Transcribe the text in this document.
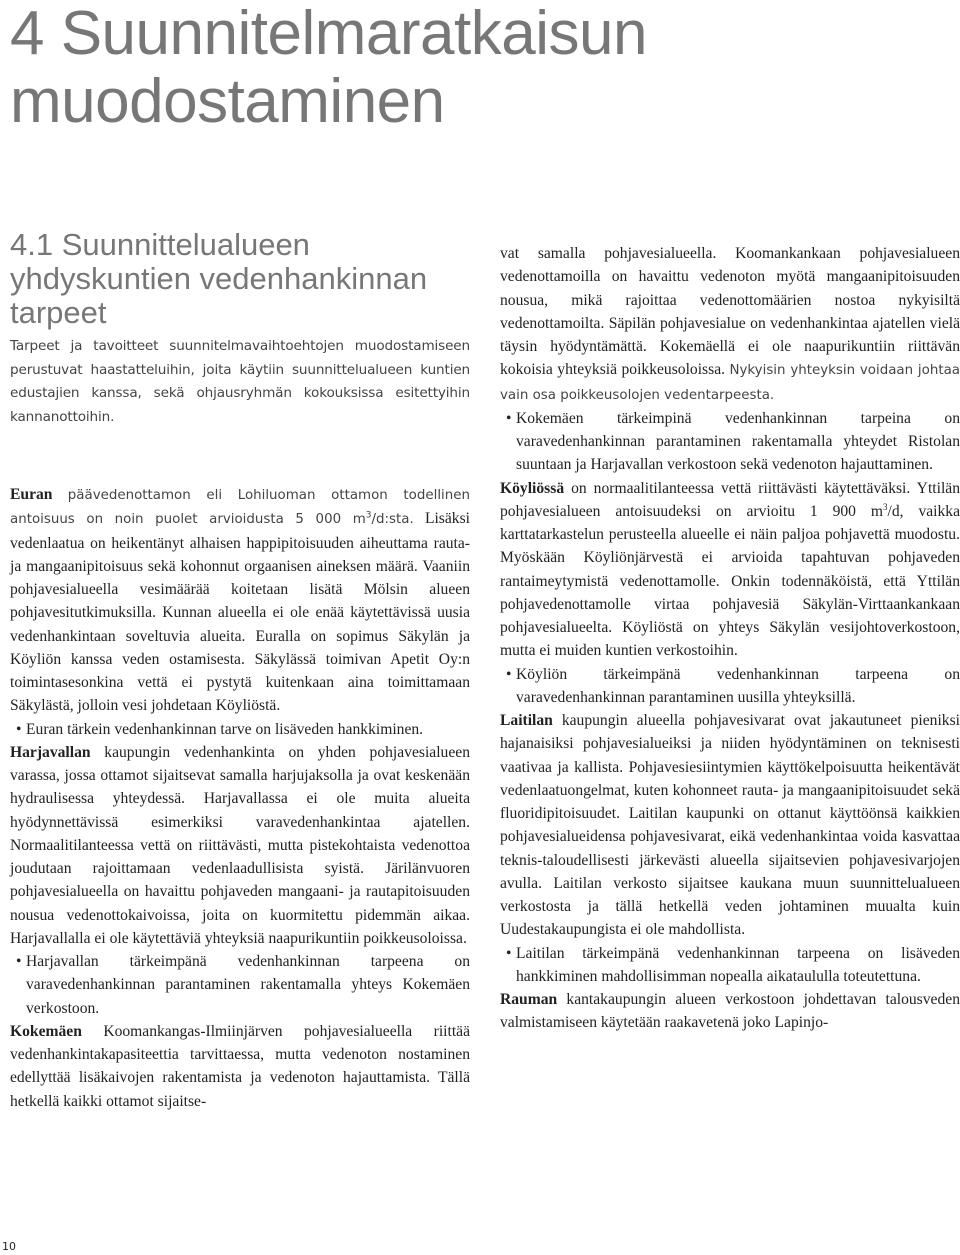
4 Suunnitelmaratkaisun muodostaminen
4.1 Suunnittelualueen yhdyskuntien vedenhankinnan tarpeet

Tarpeet ja tavoitteet suunnitelmavaihtoehtojen muodostamiseen perustuvat haastatteluihin, joita käytiin suunnittelualueen kuntien edustajien kanssa, sekä ohjausryhmän kokouksissa esitettyihin kannanottoihin.

Euran päävedenottamon eli Lohiluoman ottamon todellinen antoisuus on noin puolet arvioidusta 5 000 $m^3/d:sta$. Lisäksi vedenlaatua on heikentänyt alhaisen happipitoisuuden aiheuttama rauta- ja mangaanipitoisuus sekä kohonnut orgaanisen aineksen määrä. Vaaniin pohjavesialueella vesimäärää koitetaan lisätä Mölsin alueen pohjavesitutkimuksilla. Kunnan alueella ei ole enää käytettävissä uusia vedenhankintaan soveltuvia alueita. Euralla on sopimus Säkylän ja Köyliön kanssa veden ostamisesta. Säkylässä toimivan Apetit Oy:n toimintasesonkina vettä ei pystytä kuitenkaan aina toimittamaan Säkylästä, jolloin vesi johdetaan Köyliöstä.

• Euran tärkein vedenhankinnan tarve on lisäveden hankkiminen.

Harjavallan kaupungin vedenhankinta on yhden pohjavesialueen varassa, jossa ottamot sijaitsevat samalla harjujaksolla ja ovat keskenään hydraulisessa yhteydessä. Harjavallassa ei ole muita alueita hyödynnettävissä esimerkiksi varavedenhankintaa ajatellen. Normaalitilanteessa vettä on riittävästi, mutta pistekohtaista vedenottoa joudutaan rajoittamaan vedenlaadullisista syistä. Järilänvuoren pohjavesialueella on havaittu pohjaveden mangaani- ja rautapitoisuuden nousua vedenottokaivoissa, joita on kuormitettu pidemmän aikaa. Harjavallalla ei ole käytettäviä yhteyksiä naapurikuntiin poikkeusoloissa.

• Harjavallan tärkeimpänä vedenhankinnan tarpeena on varavedenhankinnan parantaminen rakentamalla yhteys Kokemäen verkostoon.

Kokemäen Koomankangas-Ilmiinjärven pohjavesialueella riittää vedenhankintakapasiteettia tarvittaessa, mutta vedenoton nostaminen edellyttää lisäkaivojen rakentamista ja vedenoton hajauttamista. Tällä hetkellä kaikki ottamot sijaitse-

vat samalla pohjavesialueella. Koomankankaan pohjavesialueen vedenottamoilla on havaittu vedenoton myötä mangaanipitoisuuden nousua, mikä rajoittaa vedenottomäärien nostoa nykyisiltä vedenottamoilta. Säpilän pohjavesialue on vedenhankintaa ajatellen vielä täysin hyödyntämättä. Kokemäellä ei ole naapurikuntiin riittävän kokoisia yhteyksiä poikkeusoloissa. Nykyisin yhteyksin voidaan johtaa vain osa poikkeusolojen vedentarpeesta.

• Kokemäen tärkeimpinä vedenhankinnan tarpeina on varavedenhankinnan parantaminen rakentamalla yhteydet Ristolan suuntaan ja Harjavallan verkostoon sekä vedenoton hajauttaminen.

Köyliössä on normaalitilanteessa vettä riittävästi käytettäväksi. Yttilän pohjavesialueen antoisuudeksi on arvioitu 1 900 $m^3/d$, vaikka karttatarkastelun perusteella alueelle ei näin paljoa pohjavettä muodostu. Myöskään Köyliönjärvestä ei arvioida tapahtuvan pohjaveden rantaimeytymistä vedenottamolle. Onkin todennäköistä, että Yttilän pohjavedenottamolle virtaa pohjavesiä Säkylän-Virttaankankaan pohjavesialueelta. Köyliöstä on yhteys Säkylän vesijohtoverkostoon, mutta ei muiden kuntien verkostoihin.

• Köyliön tärkeimpänä vedenhankinnan tarpeena on varavedenhankinnan parantaminen uusilla yhteyksillä.

Laitilan kaupungin alueella pohjavesivarat ovat jakautuneet pieniksi hajanaisiksi pohjavesialueiksi ja niiden hyödyntäminen on teknisesti vaativaa ja kallista. Pohjavesiesiintymien käyttökelpoisuutta heikentävät vedenlaatuongelmat, kuten kohonneet rauta- ja mangaanipitoisuudet sekä fluoridipitoisuudet. Laitilan kaupunki on ottanut käyttöönsä kaikkien pohjavesialueidensa pohjavesivarat, eikä vedenhankintaa voida kasvattaa teknis-taloudellisesti järkevästi alueella sijaitsevien pohjavesivarjojen avulla. Laitilan verkosto sijaitsee kaukana muun suunnittelualueen verkostosta ja tällä hetkellä veden johtaminen muualta kuin Uudestakaupungista ei ole mahdollista.

• Laitilan tärkeimpänä vedenhankinnan tarpeena on lisäveden hankkiminen mahdollisimman nopealla aikataululla toteutettuna.

Rauman kantakaupungin alueen verkostoon johdettavan talousveden valmistamiseen käytetään raakavetenä joko Lapinjo-

10
